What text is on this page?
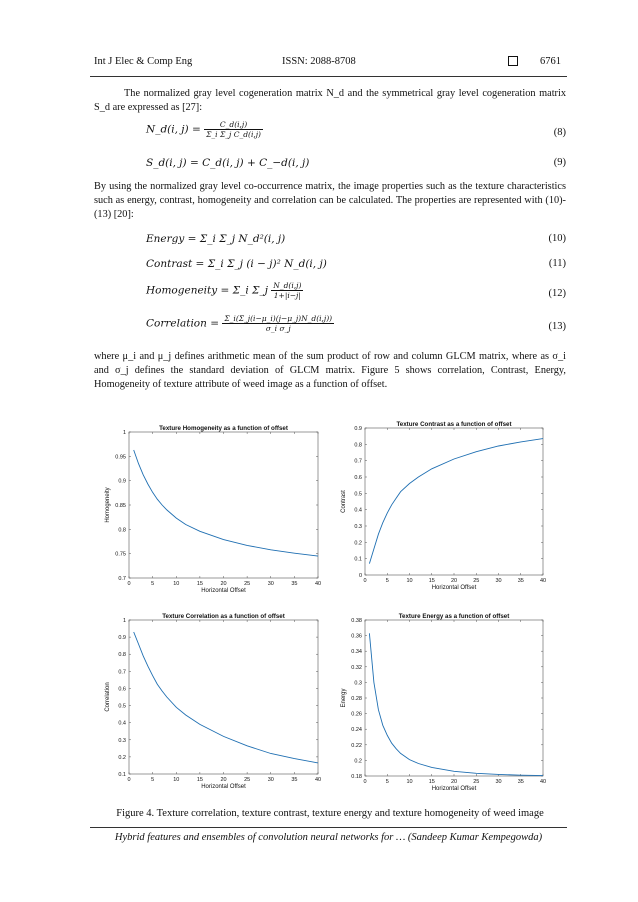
Int J Elec & Comp Eng	ISSN: 2088-8708	6761

The normalized gray level cogeneration matrix N_d and the symmetrical gray level cogeneration matrix S_d are expressed as [27]:

N_d(i, $j) = \frac{C\_d(i,j)}{\text{Σ\_i Σ\_j C\_d(i,j)}}$	(8)
S_d(i, j) = C_d(i, j) + C_−d(i, j)	(9)

By using the normalized gray level co-occurrence matrix, the image properties such as the texture characteristics such as energy, contrast, homogeneity and correlation can be calculated. The properties are represented with (10)-(13) [20]:

Energy = Σ_i Σ_j N_d²(i, j)	(10)
Contrast = Σ_i Σ_j (i − j)² N_d(i, j)	(11)
Homogeneity = Σ_i Σ_j $\frac{N\_d(i,j)}{1+|i-j|}$	(12)
Correlation = $\frac{\Sigma\_i(\Sigma\_j(i-\mu\_i)(j-\mu\_j)N\_d(i,j))}{\text{σ\_i σ\_j}}$	(13)

where μ_i and μ_j defines arithmetic mean of the sum product of row and column GLCM matrix, where as σ_i and σ_j defines the standard deviation of GLCM matrix. Figure 5 shows correlation, Contrast, Energy, Homogeneity of texture attribute of weed image as a function of offset.

Texture Homogeneity as a function of offset
0	5	10	15	20	25	30	35	40
0.7
0.75
0.8
0.85
0.9
0.95
1
Horizontal Offset
Homogeneity
Texture Contrast as a function of offset
0	5	10	15	20	25	30	35	40
0
0.1
0.2
0.3
0.4
0.5
0.6
0.7
0.8
0.9
Horizontal Offset
Contrast
Texture Correlation as a function of offset
0	5	10	15	20	25	30	35	40
0.1
0.2
0.3
0.4
0.5
0.6
0.7
0.8
0.9
1
Horizontal Offset
Correlation
Texture Energy as a function of offset
0	5	10	15	20	25	30	35	40
0.18
0.2
0.22
0.24
0.26
0.28
0.3
0.32
0.34
0.36
0.38
Horizontal Offset
Energy
Figure 4. Texture correlation, texture contrast, texture energy and texture homogeneity of weed image
Hybrid features and ensembles of convolution neural networks for … (Sandeep Kumar Kempegowda)
